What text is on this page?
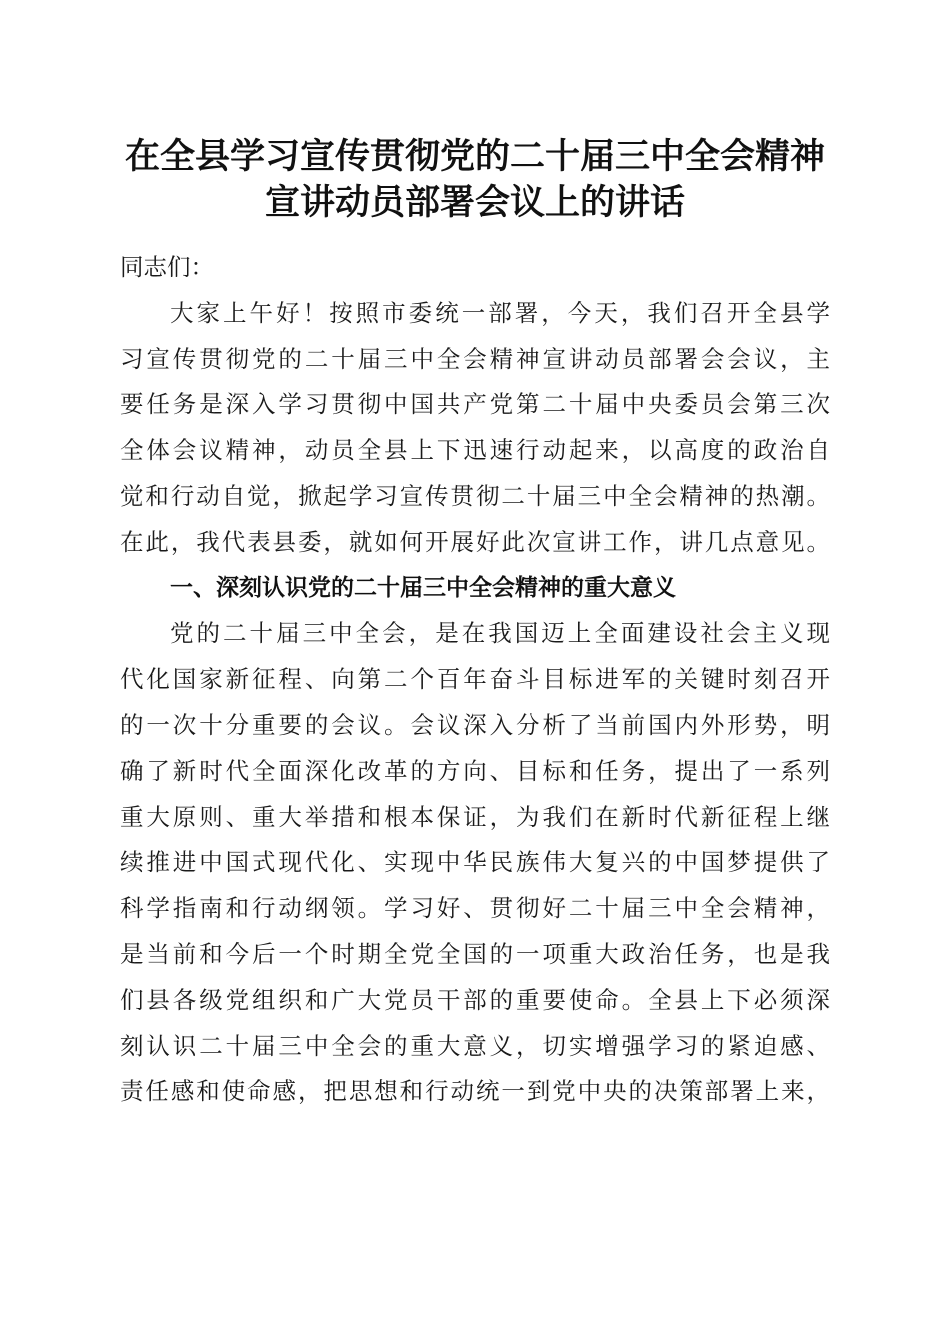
在全县学习宣传贯彻党的二十届三中全会精神
宣讲动员部署会议上的讲话
同志们：
大家上午好！按照市委统一部署，今天，我们召开全县学
习宣传贯彻党的二十届三中全会精神宣讲动员部署会会议，主
要任务是深入学习贯彻中国共产党第二十届中央委员会第三次
全体会议精神，动员全县上下迅速行动起来，以高度的政治自
觉和行动自觉，掀起学习宣传贯彻二十届三中全会精神的热潮。
在此，我代表县委，就如何开展好此次宣讲工作，讲几点意见。
一、深刻认识党的二十届三中全会精神的重大意义
党的二十届三中全会，是在我国迈上全面建设社会主义现
代化国家新征程、向第二个百年奋斗目标进军的关键时刻召开
的一次十分重要的会议。会议深入分析了当前国内外形势，明
确了新时代全面深化改革的方向、目标和任务，提出了一系列
重大原则、重大举措和根本保证，为我们在新时代新征程上继
续推进中国式现代化、实现中华民族伟大复兴的中国梦提供了
科学指南和行动纲领。学习好、贯彻好二十届三中全会精神，
是当前和今后一个时期全党全国的一项重大政治任务，也是我
们县各级党组织和广大党员干部的重要使命。全县上下必须深
刻认识二十届三中全会的重大意义，切实增强学习的紧迫感、
责任感和使命感，把思想和行动统一到党中央的决策部署上来，
